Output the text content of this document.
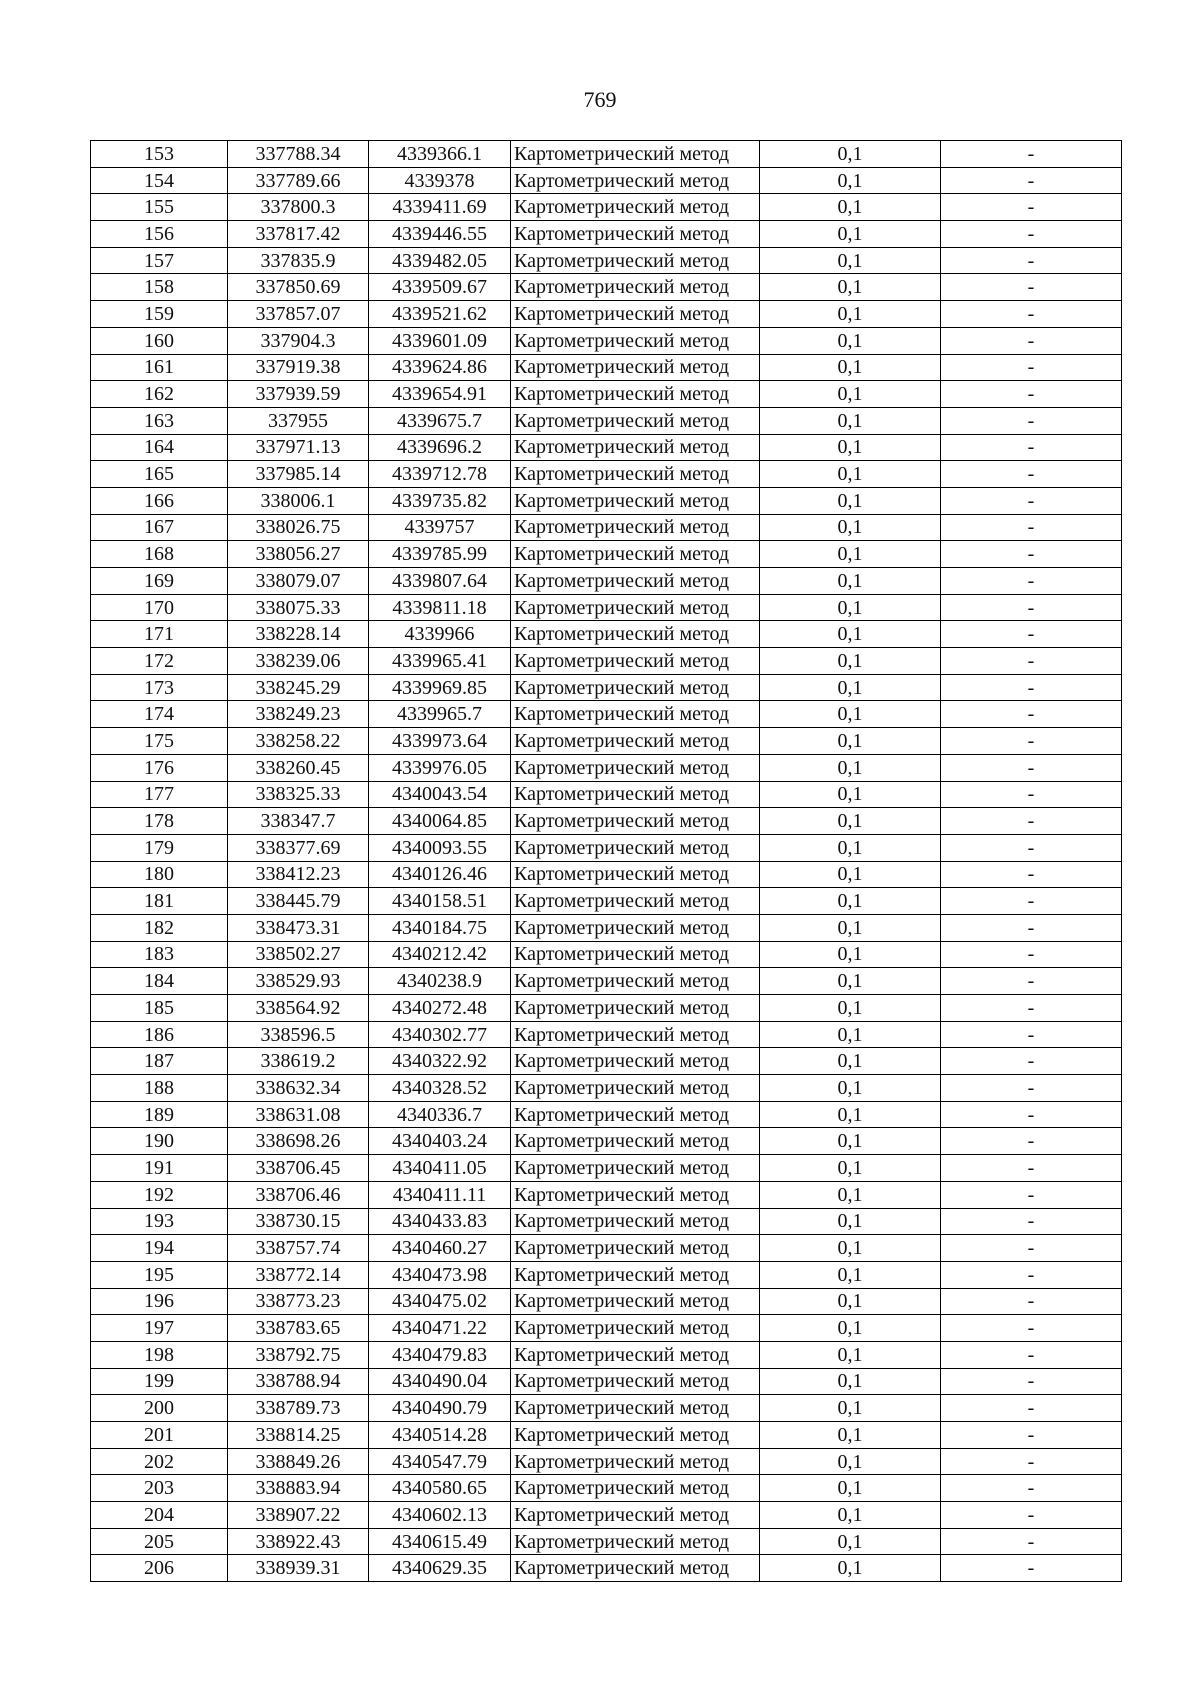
769
153	337788.34	4339366.1	Картометрический метод	0,1	-
154	337789.66	4339378	Картометрический метод	0,1	-
155	337800.3	4339411.69	Картометрический метод	0,1	-
156	337817.42	4339446.55	Картометрический метод	0,1	-
157	337835.9	4339482.05	Картометрический метод	0,1	-
158	337850.69	4339509.67	Картометрический метод	0,1	-
159	337857.07	4339521.62	Картометрический метод	0,1	-
160	337904.3	4339601.09	Картометрический метод	0,1	-
161	337919.38	4339624.86	Картометрический метод	0,1	-
162	337939.59	4339654.91	Картометрический метод	0,1	-
163	337955	4339675.7	Картометрический метод	0,1	-
164	337971.13	4339696.2	Картометрический метод	0,1	-
165	337985.14	4339712.78	Картометрический метод	0,1	-
166	338006.1	4339735.82	Картометрический метод	0,1	-
167	338026.75	4339757	Картометрический метод	0,1	-
168	338056.27	4339785.99	Картометрический метод	0,1	-
169	338079.07	4339807.64	Картометрический метод	0,1	-
170	338075.33	4339811.18	Картометрический метод	0,1	-
171	338228.14	4339966	Картометрический метод	0,1	-
172	338239.06	4339965.41	Картометрический метод	0,1	-
173	338245.29	4339969.85	Картометрический метод	0,1	-
174	338249.23	4339965.7	Картометрический метод	0,1	-
175	338258.22	4339973.64	Картометрический метод	0,1	-
176	338260.45	4339976.05	Картометрический метод	0,1	-
177	338325.33	4340043.54	Картометрический метод	0,1	-
178	338347.7	4340064.85	Картометрический метод	0,1	-
179	338377.69	4340093.55	Картометрический метод	0,1	-
180	338412.23	4340126.46	Картометрический метод	0,1	-
181	338445.79	4340158.51	Картометрический метод	0,1	-
182	338473.31	4340184.75	Картометрический метод	0,1	-
183	338502.27	4340212.42	Картометрический метод	0,1	-
184	338529.93	4340238.9	Картометрический метод	0,1	-
185	338564.92	4340272.48	Картометрический метод	0,1	-
186	338596.5	4340302.77	Картометрический метод	0,1	-
187	338619.2	4340322.92	Картометрический метод	0,1	-
188	338632.34	4340328.52	Картометрический метод	0,1	-
189	338631.08	4340336.7	Картометрический метод	0,1	-
190	338698.26	4340403.24	Картометрический метод	0,1	-
191	338706.45	4340411.05	Картометрический метод	0,1	-
192	338706.46	4340411.11	Картометрический метод	0,1	-
193	338730.15	4340433.83	Картометрический метод	0,1	-
194	338757.74	4340460.27	Картометрический метод	0,1	-
195	338772.14	4340473.98	Картометрический метод	0,1	-
196	338773.23	4340475.02	Картометрический метод	0,1	-
197	338783.65	4340471.22	Картометрический метод	0,1	-
198	338792.75	4340479.83	Картометрический метод	0,1	-
199	338788.94	4340490.04	Картометрический метод	0,1	-
200	338789.73	4340490.79	Картометрический метод	0,1	-
201	338814.25	4340514.28	Картометрический метод	0,1	-
202	338849.26	4340547.79	Картометрический метод	0,1	-
203	338883.94	4340580.65	Картометрический метод	0,1	-
204	338907.22	4340602.13	Картометрический метод	0,1	-
205	338922.43	4340615.49	Картометрический метод	0,1	-
206	338939.31	4340629.35	Картометрический метод	0,1	-
